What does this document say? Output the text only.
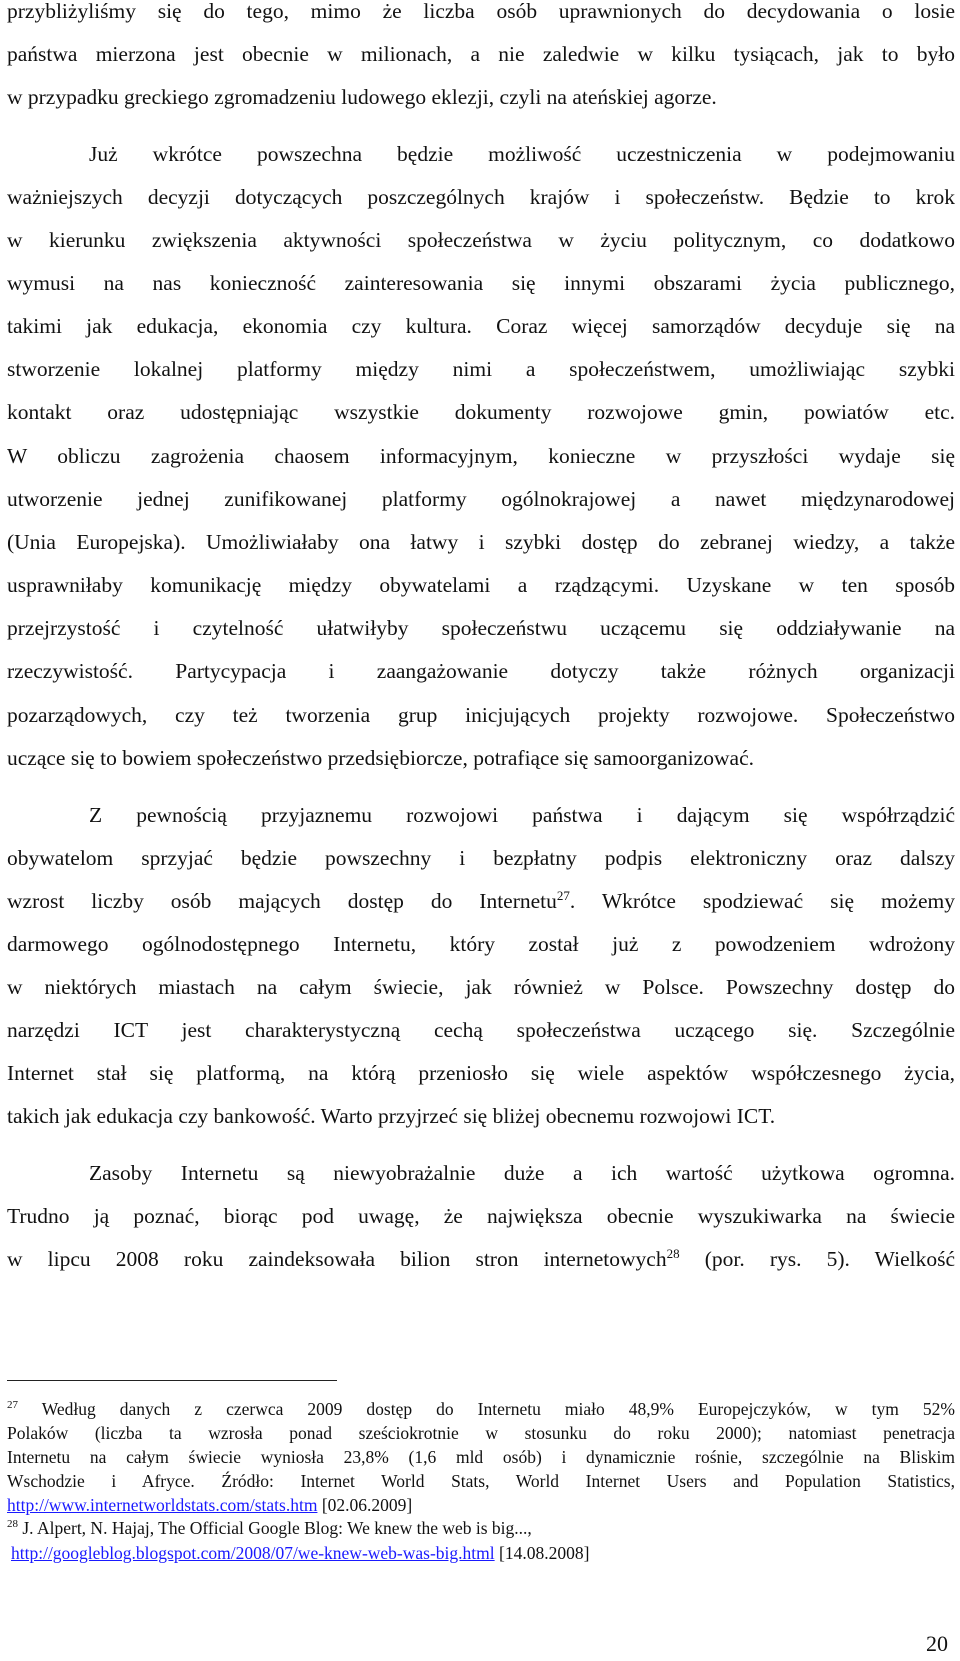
przybliżyliśmy się do tego, mimo że liczba osób uprawnionych do decydowania o losie
państwa mierzona jest obecnie w milionach, a nie zaledwie w kilku tysiącach, jak to było
w przypadku greckiego zgromadzeniu ludowego eklezji, czyli na ateńskiej agorze.
Już wkrótce powszechna będzie możliwość uczestniczenia w podejmowaniu
ważniejszych decyzji dotyczących poszczególnych krajów i społeczeństw. Będzie to krok
w kierunku zwiększenia aktywności społeczeństwa w życiu politycznym, co dodatkowo
wymusi na nas konieczność zainteresowania się innymi obszarami życia publicznego,
takimi jak edukacja, ekonomia czy kultura. Coraz więcej samorządów decyduje się na
stworzenie lokalnej platformy między nimi a społeczeństwem, umożliwiając szybki
kontakt oraz udostępniając wszystkie dokumenty rozwojowe gmin, powiatów etc.
W obliczu zagrożenia chaosem informacyjnym, konieczne w przyszłości wydaje się
utworzenie jednej zunifikowanej platformy ogólnokrajowej a nawet międzynarodowej
(Unia Europejska). Umożliwiałaby ona łatwy i szybki dostęp do zebranej wiedzy, a także
usprawniłaby komunikację między obywatelami a rządzącymi. Uzyskane w ten sposób
przejrzystość i czytelność ułatwiłyby społeczeństwu uczącemu się oddziaływanie na
rzeczywistość. Partycypacja i zaangażowanie dotyczy także różnych organizacji
pozarządowych, czy też tworzenia grup inicjujących projekty rozwojowe. Społeczeństwo
uczące się to bowiem społeczeństwo przedsiębiorcze, potrafiące się samoorganizować.
Z pewnością przyjaznemu rozwojowi państwa i dającym się współrządzić
obywatelom sprzyjać będzie powszechny i bezpłatny podpis elektroniczny oraz dalszy
wzrost liczby osób mających dostęp do Internetu$^{27}$. Wkrótce spodziewać się możemy
darmowego ogólnodostępnego Internetu, który został już z powodzeniem wdrożony
w niektórych miastach na całym świecie, jak również w Polsce. Powszechny dostęp do
narzędzi ICT jest charakterystyczną cechą społeczeństwa uczącego się. Szczególnie
Internet stał się platformą, na którą przeniosło się wiele aspektów współczesnego życia,
takich jak edukacja czy bankowość. Warto przyjrzeć się bliżej obecnemu rozwojowi ICT.
Zasoby Internetu są niewyobrażalnie duże a ich wartość użytkowa ogromna.
Trudno ją poznać, biorąc pod uwagę, że największa obecnie wyszukiwarka na świecie
w lipcu 2008 roku zaindeksowała bilion stron internetowych$^{28}$ (por. rys. 5). Wielkość
$^{27}$ Według danych z czerwca 2009 dostęp do Internetu miało 48,9% Europejczyków, w tym 52%
Polaków (liczba ta wzrosła ponad sześciokrotnie w stosunku do roku 2000); natomiast penetracja
Internetu na całym świecie wyniosła 23,8% (1,6 mld osób) i dynamicznie rośnie, szczególnie na Bliskim
Wschodzie i Afryce. Źródło: Internet World Stats, World Internet Users and Population Statistics,
http://www.internetworldstats.com/stats.htm [02.06.2009]
$^{28}$ J. Alpert, N. Hajaj, The Official Google Blog: We knew the web is big...,
http://googleblog.blogspot.com/2008/07/we-knew-web-was-big.html [14.08.2008]
20
